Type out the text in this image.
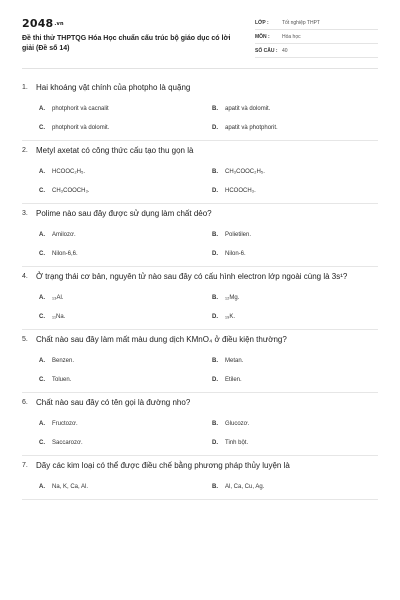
2048.vn
Đề thi thử THPTQG Hóa Học chuẩn cấu trúc bộ giáo dục có lời giải (Đề số 14)
LỚP :	Tốt nghiệp THPT
MÔN :	Hóa học
SỐ CÂU : 40
1.	Hai khoáng vật chính của photpho là quặng
A.	photphorit và cacnalit	B.	apatit và dolomit.
C.	photphorit và dolomit.	D.	apatit và photphorit.
2.	Metyl axetat có công thức cấu tạo thu gọn là
A.	HCOOC₂H₅.	B.	CH₃COOC₂H₅.
C.	CH₃COOCH₃.	D.	HCOOCH₃.
3.	Polime nào sau đây được sử dụng làm chất dẻo?
A.	Amilozơ.	B.	Polietilen.
C.	Nilon-6,6.	D.	Nilon-6.
4.	Ở trạng thái cơ bản, nguyên tử nào sau đây có cấu hình electron lớp ngoài cùng là 3s¹?
A.	₁₃Al.	B.	₁₂Mg.
C.	₁₁Na.	D.	₁₉K.
5.	Chất nào sau đây làm mất màu dung dịch KMnO₄ ở điều kiện thường?
A.	Benzen.	B.	Metan.
C.	Toluen.	D.	Etilen.
6.	Chất nào sau đây có tên gọi là đường nho?
A.	Fructozơ.	B.	Glucozơ.
C.	Saccarozơ.	D.	Tinh bột.
7.	Dãy các kim loại có thể được điều chế bằng phương pháp thủy luyện là
A.	Na, K, Ca, Al.	B.	Al, Ca, Cu, Ag.
